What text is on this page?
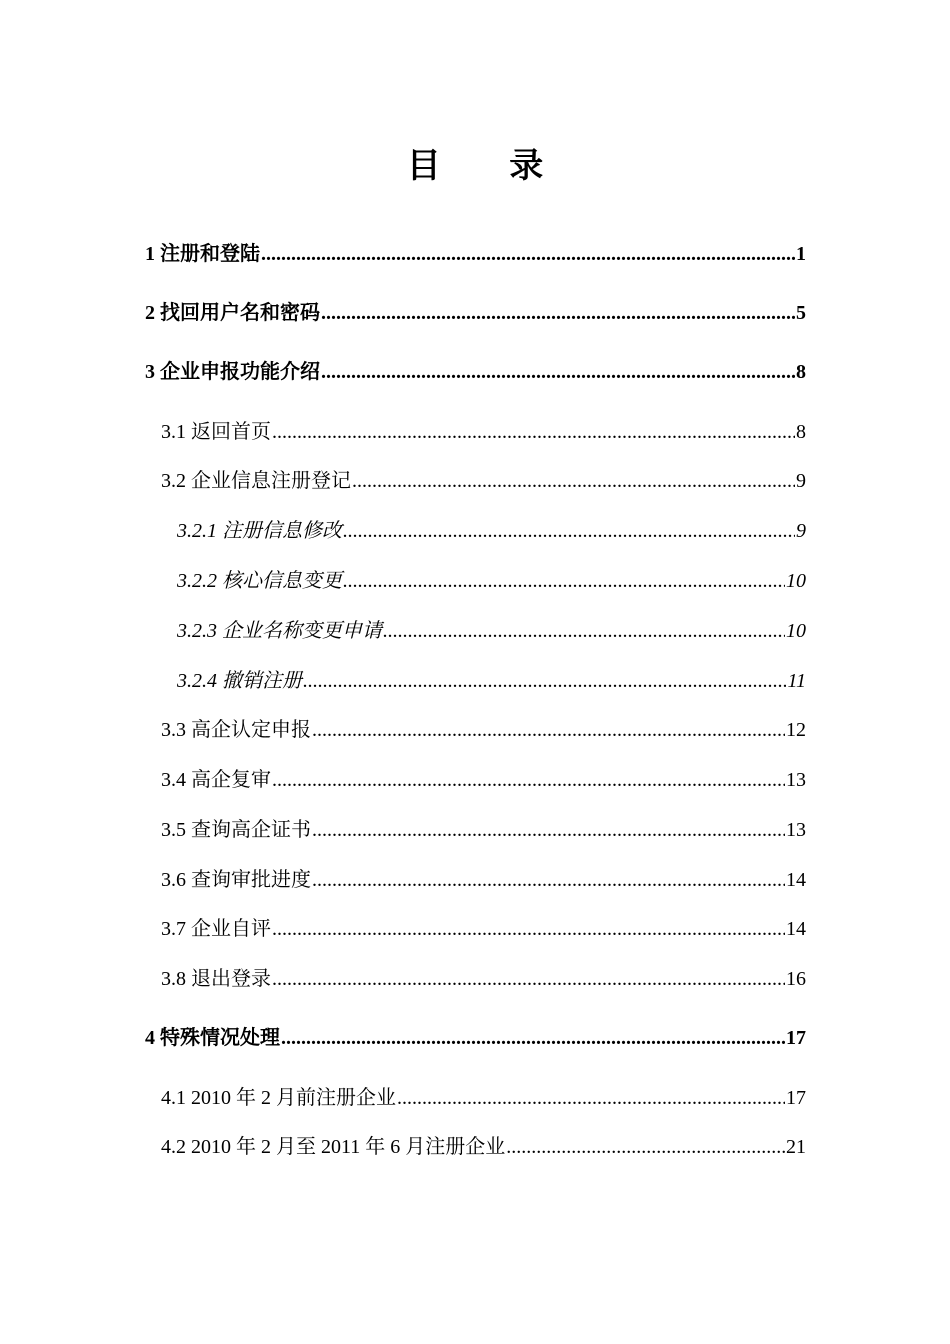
目 录
1 注册和登陆 .....	1
2 找回用户名和密码 .....	5
3 企业申报功能介绍 .....	8
3.1 返回首页 .....	8
3.2 企业信息注册登记 .....	9
3.2.1 注册信息修改 .....	9
3.2.2 核心信息变更 .....	10
3.2.3 企业名称变更申请 .....	10
3.2.4 撤销注册 .....	11
3.3 高企认定申报 .....	12
3.4 高企复审 .....	13
3.5 查询高企证书 .....	13
3.6 查询审批进度 .....	14
3.7 企业自评 .....	14
3.8 退出登录 .....	16
4 特殊情况处理 .....	17
4.1 2010 年 2 月前注册企业 .....	17
4.2 2010 年 2 月至 2011 年 6 月注册企业 .....	21
